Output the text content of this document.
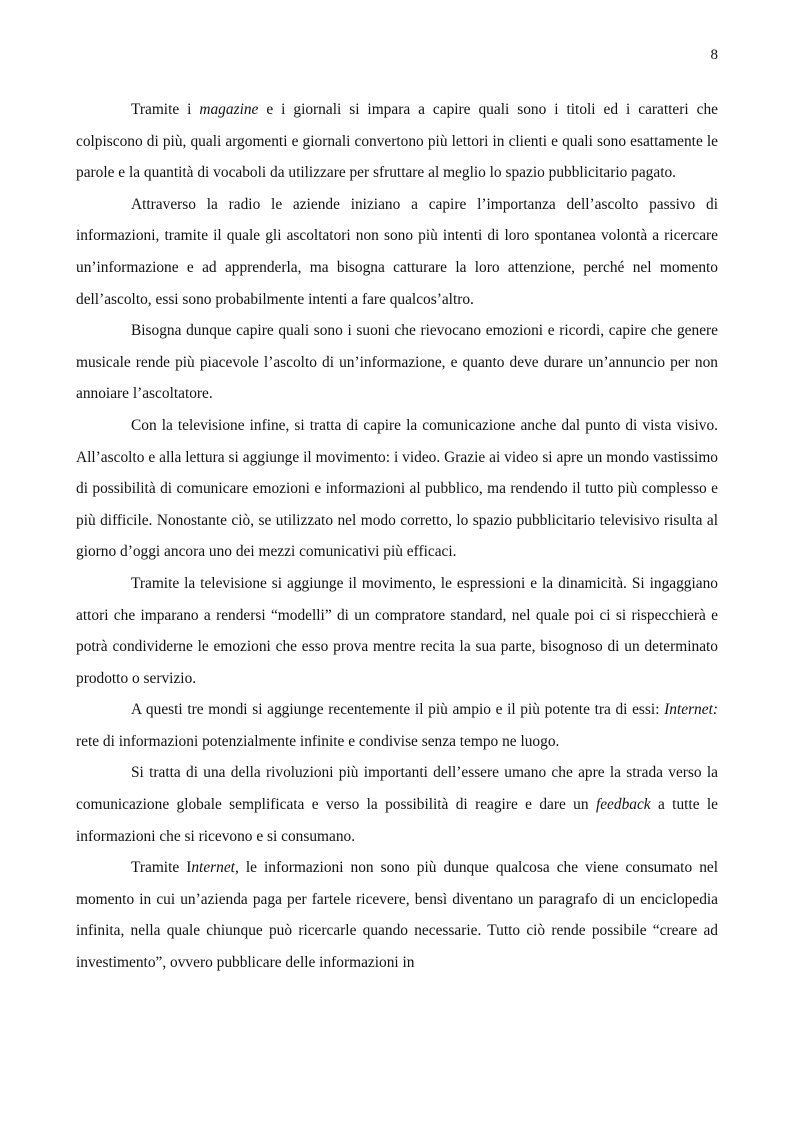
8

Tramite i magazine e i giornali si impara a capire quali sono i titoli ed i caratteri che colpiscono di più, quali argomenti e giornali convertono più lettori in clienti e quali sono esattamente le parole e la quantità di vocaboli da utilizzare per sfruttare al meglio lo spazio pubblicitario pagato.

Attraverso la radio le aziende iniziano a capire l’importanza dell’ascolto passivo di informazioni, tramite il quale gli ascoltatori non sono più intenti di loro spontanea volontà a ricercare un’informazione e ad apprenderla, ma bisogna catturare la loro attenzione, perché nel momento dell’ascolto, essi sono probabilmente intenti a fare qualcos’altro.

Bisogna dunque capire quali sono i suoni che rievocano emozioni e ricordi, capire che genere musicale rende più piacevole l’ascolto di un’informazione, e quanto deve durare un’annuncio per non annoiare l’ascoltatore.

Con la televisione infine, si tratta di capire la comunicazione anche dal punto di vista visivo. All’ascolto e alla lettura si aggiunge il movimento: i video. Grazie ai video si apre un mondo vastissimo di possibilità di comunicare emozioni e informazioni al pubblico, ma rendendo il tutto più complesso e più difficile. Nonostante ciò, se utilizzato nel modo corretto, lo spazio pubblicitario televisivo risulta al giorno d’oggi ancora uno dei mezzi comunicativi più efficaci.

Tramite la televisione si aggiunge il movimento, le espressioni e la dinamicità. Si ingaggiano attori che imparano a rendersi “modelli” di un compratore standard, nel quale poi ci si rispecchierà e potrà condividerne le emozioni che esso prova mentre recita la sua parte, bisognoso di un determinato prodotto o servizio.

A questi tre mondi si aggiunge recentemente il più ampio e il più potente tra di essi: Internet: rete di informazioni potenzialmente infinite e condivise senza tempo ne luogo.

Si tratta di una della rivoluzioni più importanti dell’essere umano che apre la strada verso la comunicazione globale semplificata e verso la possibilità di reagire e dare un feedback a tutte le informazioni che si ricevono e si consumano.

Tramite Internet, le informazioni non sono più dunque qualcosa che viene consumato nel momento in cui un’azienda paga per fartele ricevere, bensì diventano un paragrafo di un enciclopedia infinita, nella quale chiunque può ricercarle quando necessarie. Tutto ciò rende possibile “creare ad investimento”, ovvero pubblicare delle informazioni in
